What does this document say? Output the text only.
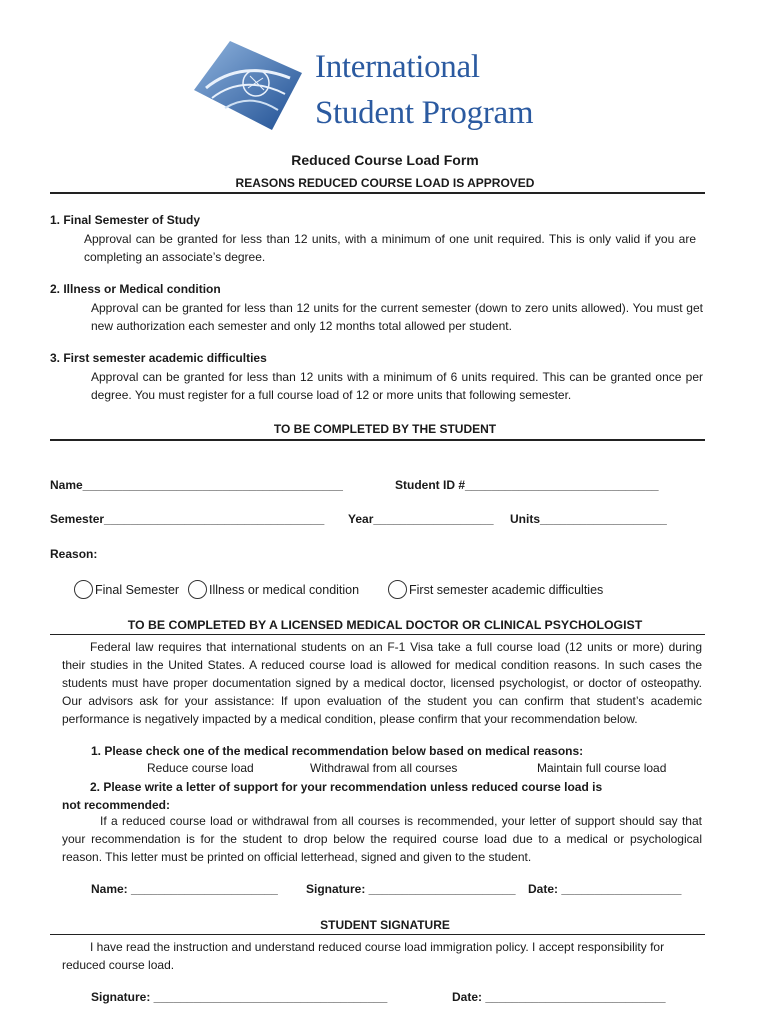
International
Student Program
Reduced Course Load Form
REASONS REDUCED COURSE LOAD IS APPROVED
1. Final Semester of Study
Approval can be granted for less than 12 units, with a minimum of one unit required. This is only valid if you are completing an associate’s degree.
2. Illness or Medical condition
Approval can be granted for less than 12 units for the current semester (down to zero units allowed). You must get new authorization each semester and only 12 months total allowed per student.
3. First semester academic difficulties
Approval can be granted for less than 12 units with a minimum of 6 units required. This can be granted once per degree. You must register for a full course load of 12 or more units that following semester.
TO BE COMPLETED BY THE STUDENT
Name_______________________________________	Student ID #_____________________________
Semester_________________________________ Year__________________ Units___________________
Reason:
Final Semester Illness or medical condition	First semester academic difficulties
TO BE COMPLETED BY A LICENSED MEDICAL DOCTOR OR CLINICAL PSYCHOLOGIST
Federal law requires that international students on an F-1 Visa take a full course load (12 units or more) during their studies in the United States. A reduced course load is allowed for medical condition reasons. In such cases the students must have proper documentation signed by a medical doctor, licensed psychologist, or doctor of osteopathy. Our advisors ask for your assistance: If upon evaluation of the student you can confirm that student’s academic performance is negatively impacted by a medical condition, please confirm that your recommendation below.
1. Please check one of the medical recommendation below based on medical reasons:
Reduce course load	Withdrawal from all courses	Maintain full course load
2. Please write a letter of support for your recommendation unless reduced course load is not recommended:
If a reduced course load or withdrawal from all courses is recommended, your letter of support should say that your recommendation is for the student to drop below the required course load due to a medical or psychological reason. This letter must be printed on official letterhead, signed and given to the student.
Name: ______________________ Signature: ______________________ Date: __________________
STUDENT SIGNATURE
I have read the instruction and understand reduced course load immigration policy. I accept responsibility for reduced course load.
Signature: ___________________________________	Date: ___________________________
